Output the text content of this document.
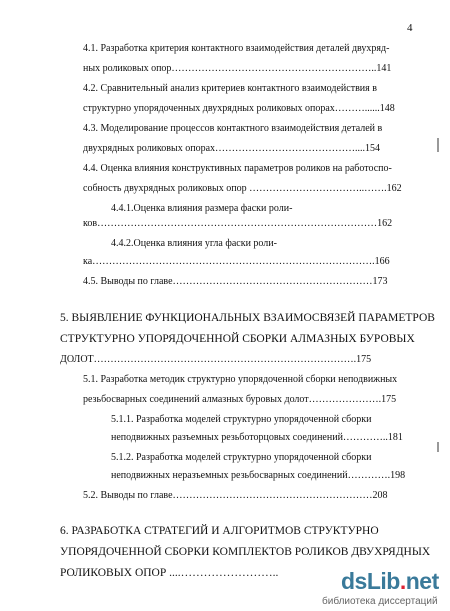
4
4.1. Разработка критерия контактного взаимодействия деталей двухряд-
ных роликовых опор……………………………………………………..141
4.2. Сравнительный анализ критериев контактного взаимодействия в
структурно упорядоченных двухрядных роликовых опорах………......148
4.3. Моделирование процессов контактного взаимодействия деталей в
двухрядных роликовых опорах……………………………………....154
4.4. Оценка влияния конструктивных параметров роликов на работоспо-
собность двухрядных роликовых опор ……………………………..…….162
4.4.1.Оценка влияния размера фаски роли-
ков…………………………………………………………………………162
4.4.2.Оценка влияния угла фаски роли-
ка………………………………………………………………………….166
4.5. Выводы по главе……………………………………………………173
5. ВЫЯВЛЕНИЕ ФУНКЦИОНАЛЬНЫХ ВЗАИМОСВЯЗЕЙ ПАРАМЕТРОВ
СТРУКТУРНО УПОРЯДОЧЕННОЙ СБОРКИ АЛМАЗНЫХ БУРОВЫХ
ДОЛОТ…………………………………………………………………….175
5.1. Разработка методик структурно упорядоченной сборки неподвижных
резьбосварных соединений алмазных буровых долот………………….175
5.1.1. Разработка моделей структурно упорядоченной сборки
неподвижных разъемных резьботорцовых соединений…………..181
5.1.2. Разработка моделей структурно упорядоченной сборки
неподвижных неразъемных резьбосварных соединений………….198
5.2. Выводы по главе……………………………………………………208
6. РАЗРАБОТКА СТРАТЕГИЙ И АЛГОРИТМОВ СТРУКТУРНО
УПОРЯДОЧЕННОЙ СБОРКИ КОМПЛЕКТОВ РОЛИКОВ ДВУХРЯДНЫХ
РОЛИКОВЫХ ОПОР ....……………………..	dsLib.net
библиотека диссертаций
